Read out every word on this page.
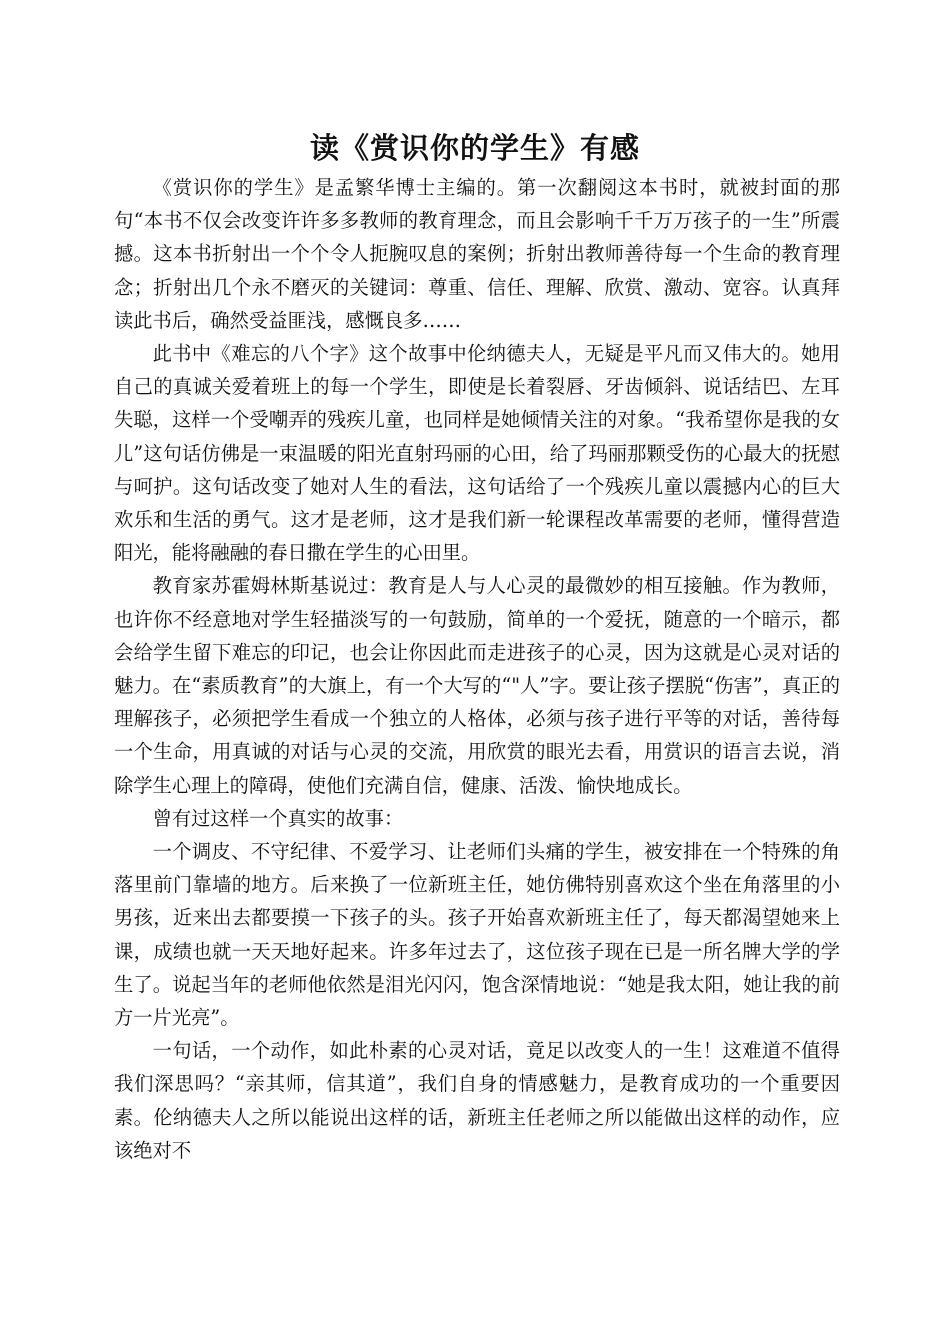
读《赏识你的学生》有感

《赏识你的学生》是孟繁华博士主编的。第一次翻阅这本书时，就被封面的那句“本书不仅会改变许许多多教师的教育理念，而且会影响千千万万孩子的一生”所震撼。这本书折射出一个个令人扼腕叹息的案例；折射出教师善待每一个生命的教育理念；折射出几个永不磨灭的关键词：尊重、信任、理解、欣赏、激动、宽容。认真拜读此书后，确然受益匪浅，感慨良多……

此书中《难忘的八个字》这个故事中伦纳德夫人，无疑是平凡而又伟大的。她用自己的真诚关爱着班上的每一个学生，即使是长着裂唇、牙齿倾斜、说话结巴、左耳失聪，这样一个受嘲弄的残疾儿童，也同样是她倾情关注的对象。“我希望你是我的女儿”这句话仿佛是一束温暖的阳光直射玛丽的心田，给了玛丽那颗受伤的心最大的抚慰与呵护。这句话改变了她对人生的看法，这句话给了一个残疾儿童以震撼内心的巨大欢乐和生活的勇气。这才是老师，这才是我们新一轮课程改革需要的老师，懂得营造阳光，能将融融的春日撒在学生的心田里。

教育家苏霍姆林斯基说过：教育是人与人心灵的最微妙的相互接触。作为教师，也许你不经意地对学生轻描淡写的一句鼓励，简单的一个爱抚，随意的一个暗示，都会给学生留下难忘的印记，也会让你因此而走进孩子的心灵，因为这就是心灵对话的魅力。在“素质教育”的大旗上，有一个大写的“"人”字。要让孩子摆脱“伤害”，真正的理解孩子，必须把学生看成一个独立的人格体，必须与孩子进行平等的对话，善待每一个生命，用真诚的对话与心灵的交流，用欣赏的眼光去看，用赏识的语言去说，消除学生心理上的障碍，使他们充满自信，健康、活泼、愉快地成长。

曾有过这样一个真实的故事：

一个调皮、不守纪律、不爱学习、让老师们头痛的学生，被安排在一个特殊的角落里前门靠墙的地方。后来换了一位新班主任，她仿佛特别喜欢这个坐在角落里的小男孩，近来出去都要摸一下孩子的头。孩子开始喜欢新班主任了，每天都渴望她来上课，成绩也就一天天地好起来。许多年过去了，这位孩子现在已是一所名牌大学的学生了。说起当年的老师他依然是泪光闪闪，饱含深情地说：“她是我太阳，她让我的前方一片光亮”。

一句话，一个动作，如此朴素的心灵对话，竟足以改变人的一生！这难道不值得我们深思吗？“亲其师，信其道”，我们自身的情感魅力，是教育成功的一个重要因素。伦纳德夫人之所以能说出这样的话，新班主任老师之所以能做出这样的动作，应该绝对不
